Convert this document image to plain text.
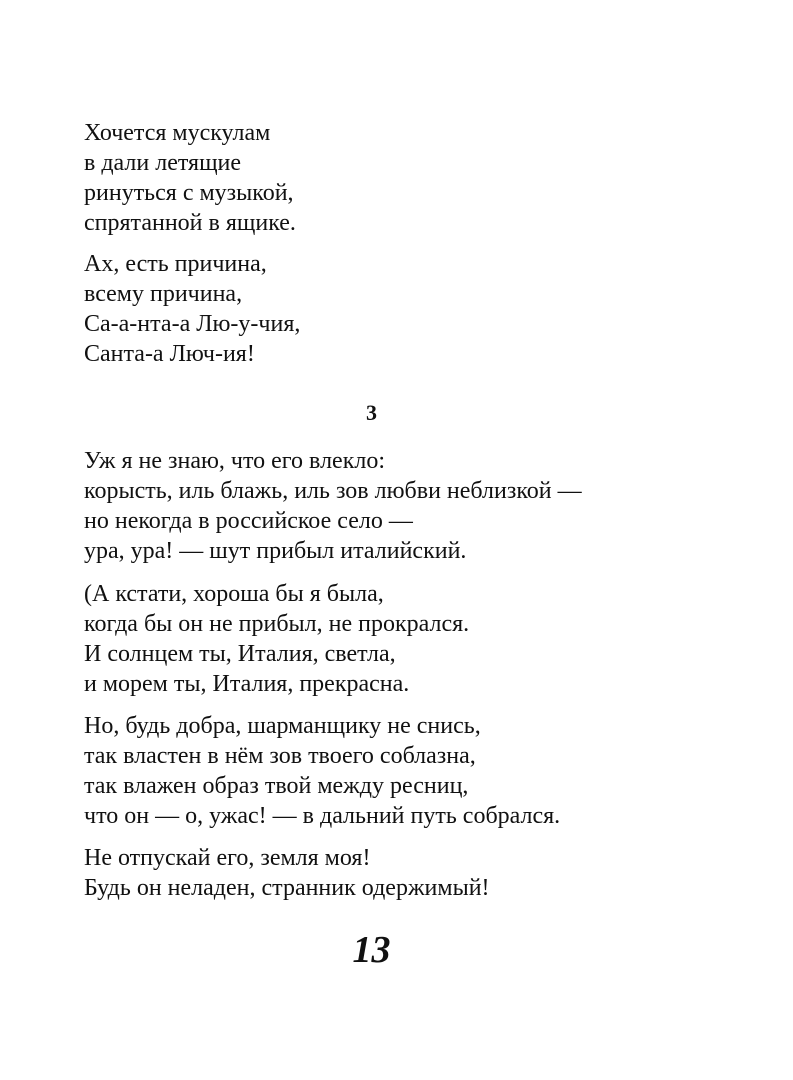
Хочется мускулам
в дали летящие
ринуться с музыкой,
спрятанной в ящике.
Ах, есть причина,
всему причина,
Са-а-нта-а Лю-у-чия,
Санта-а Люч-ия!
3
Уж я не знаю, что его влекло:
корысть, иль блажь, иль зов любви неблизкой —
но некогда в российское село —
ура, ура! — шут прибыл италийский.
(А кстати, хороша бы я была,
когда бы он не прибыл, не прокрался.
И солнцем ты, Италия, светла,
и морем ты, Италия, прекрасна.
Но, будь добра, шарманщику не снись,
так властен в нём зов твоего соблазна,
так влажен образ твой между ресниц,
что он — о, ужас! — в дальний путь собрался.
Не отпускай его, земля моя!
Будь он неладен, странник одержимый!
13
